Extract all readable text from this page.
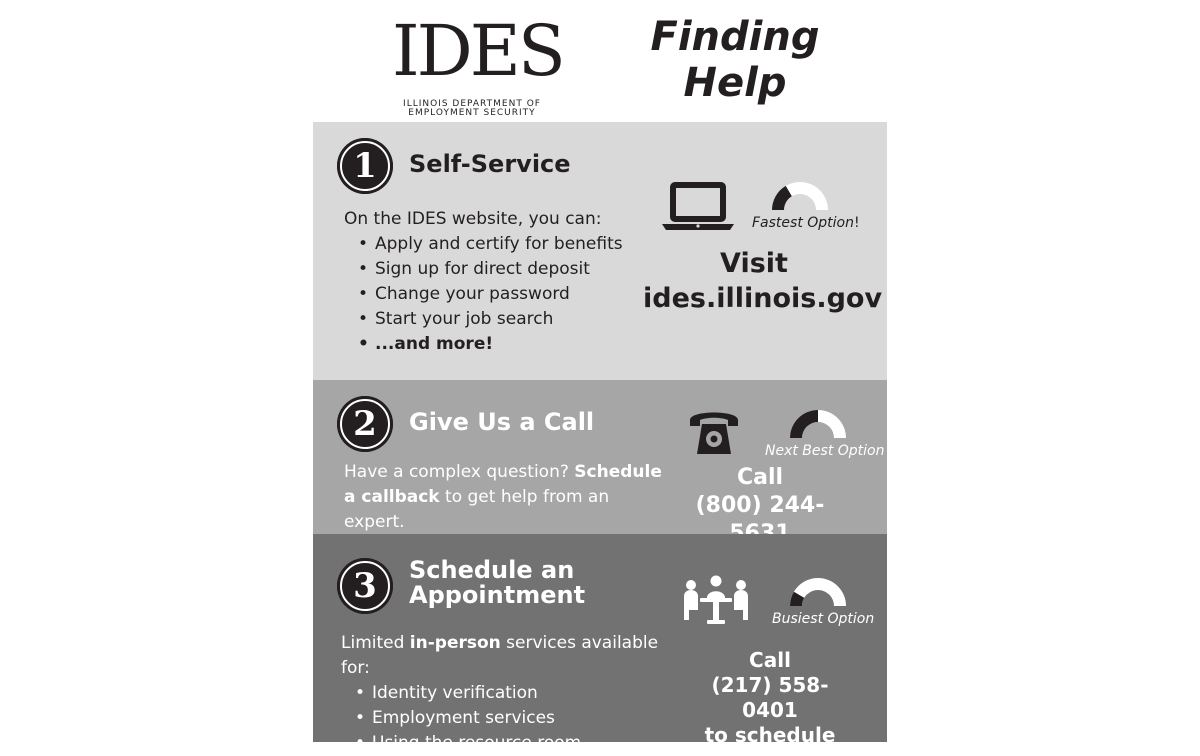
IDES
ILLINOIS DEPARTMENT OF
EMPLOYMENT SECURITY
Finding
Help
1	Self-Service
On the IDES website, you can:
• Apply and certify for benefits
• Sign up for direct deposit
• Change your password
• Start your job search
• ...and more!
Fastest Option!
Visit
ides.illinois.gov
2	Give Us a Call
Have a complex question? Schedule a callback to get help from an expert.
Next Best Option
Call
(800) 244-
3	Schedule an
Appointment
Limited in-person services available for:
• Identity verification
• Employment services
• Using the resource room.
Busiest Option
Call
(217) 558-0401
to schedule
